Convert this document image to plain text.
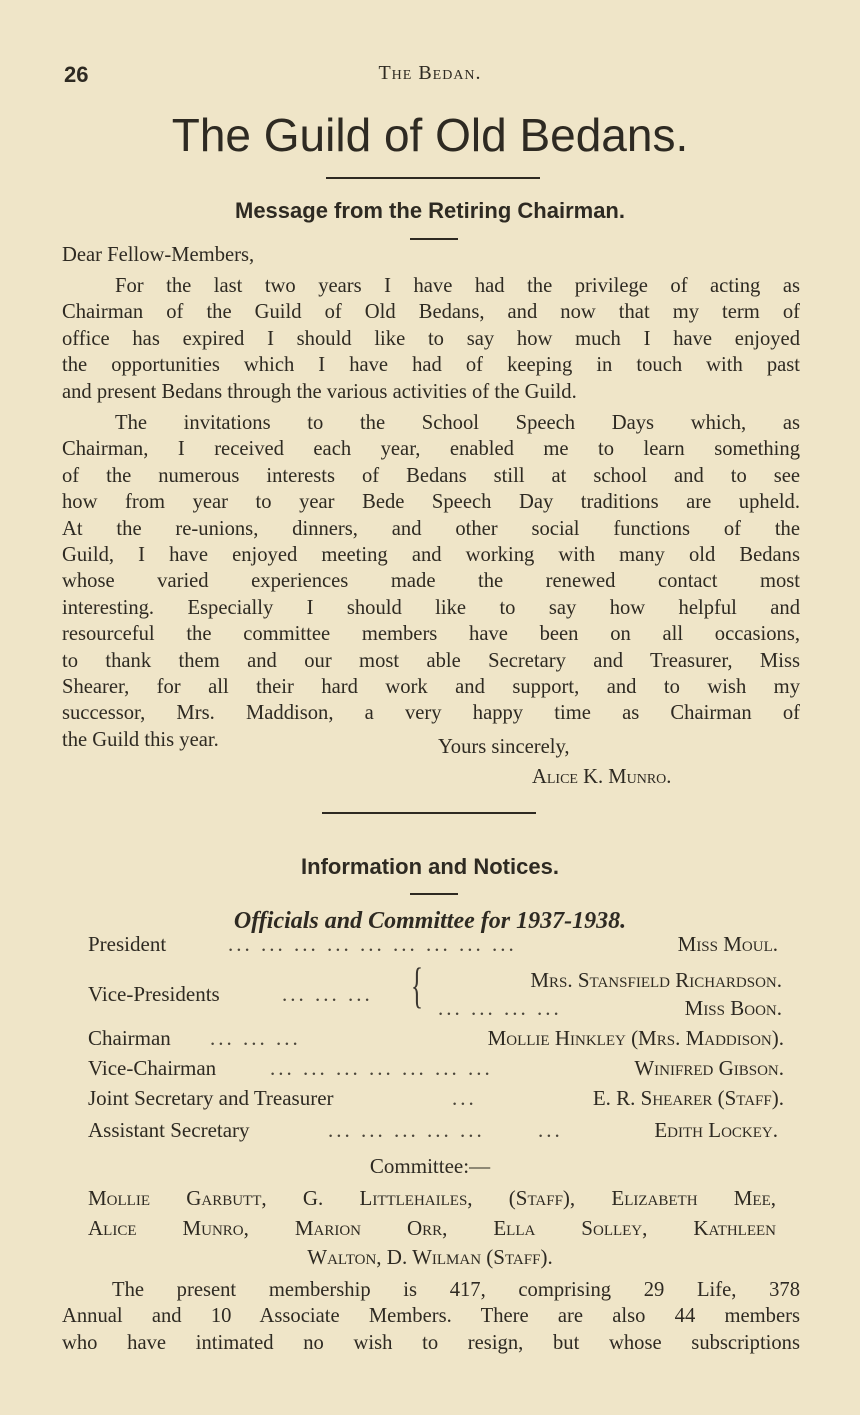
26	The Bedan.
The Guild of Old Bedans.
Message from the Retiring Chairman.
Dear Fellow-Members,
For the last two years I have had the privilege of acting as
Chairman of the Guild of Old Bedans, and now that my term of
office has expired I should like to say how much I have enjoyed
the opportunities which I have had of keeping in touch with past
and present Bedans through the various activities of the Guild.
The invitations to the School Speech Days which, as
Chairman, I received each year, enabled me to learn something
of the numerous interests of Bedans still at school and to see
how from year to year Bede Speech Day traditions are upheld.
At the re-unions, dinners, and other social functions of the
Guild, I have enjoyed meeting and working with many old Bedans
whose varied experiences made the renewed contact most
interesting. Especially I should like to say how helpful and
resourceful the committee members have been on all occasions,
to thank them and our most able Secretary and Treasurer, Miss
Shearer, for all their hard work and support, and to wish my
successor, Mrs. Maddison, a very happy time as Chairman of
the Guild this year.	Yours sincerely,
Alice K. Munro.
Information and Notices.
Officials and Committee for 1937-1938.
President	... ... ... ... ... ... ... ... ...	Miss Moul.
Vice-Presidents	... ... ... {	Mrs. Stansfield Richardson.
... ... ... ...	Miss Boon.
Chairman ... ... ...	Mollie Hinkley (Mrs. Maddison).
Vice-Chairman	... ... ... ... ... ... ...	Winifred Gibson.
Joint Secretary and Treasurer	...	E. R. Shearer (Staff).
Assistant Secretary	... ... ... ... ...	...	Edith Lockey.
Committee:—
Mollie Garbutt, G. Littlehailes, (Staff), Elizabeth Mee,
Alice Munro, Marion Orr, Ella Solley, Kathleen
Walton, D. Wilman (Staff).
The present membership is 417, comprising 29 Life, 378
Annual and 10 Associate Members. There are also 44 members
who have intimated no wish to resign, but whose subscriptions
